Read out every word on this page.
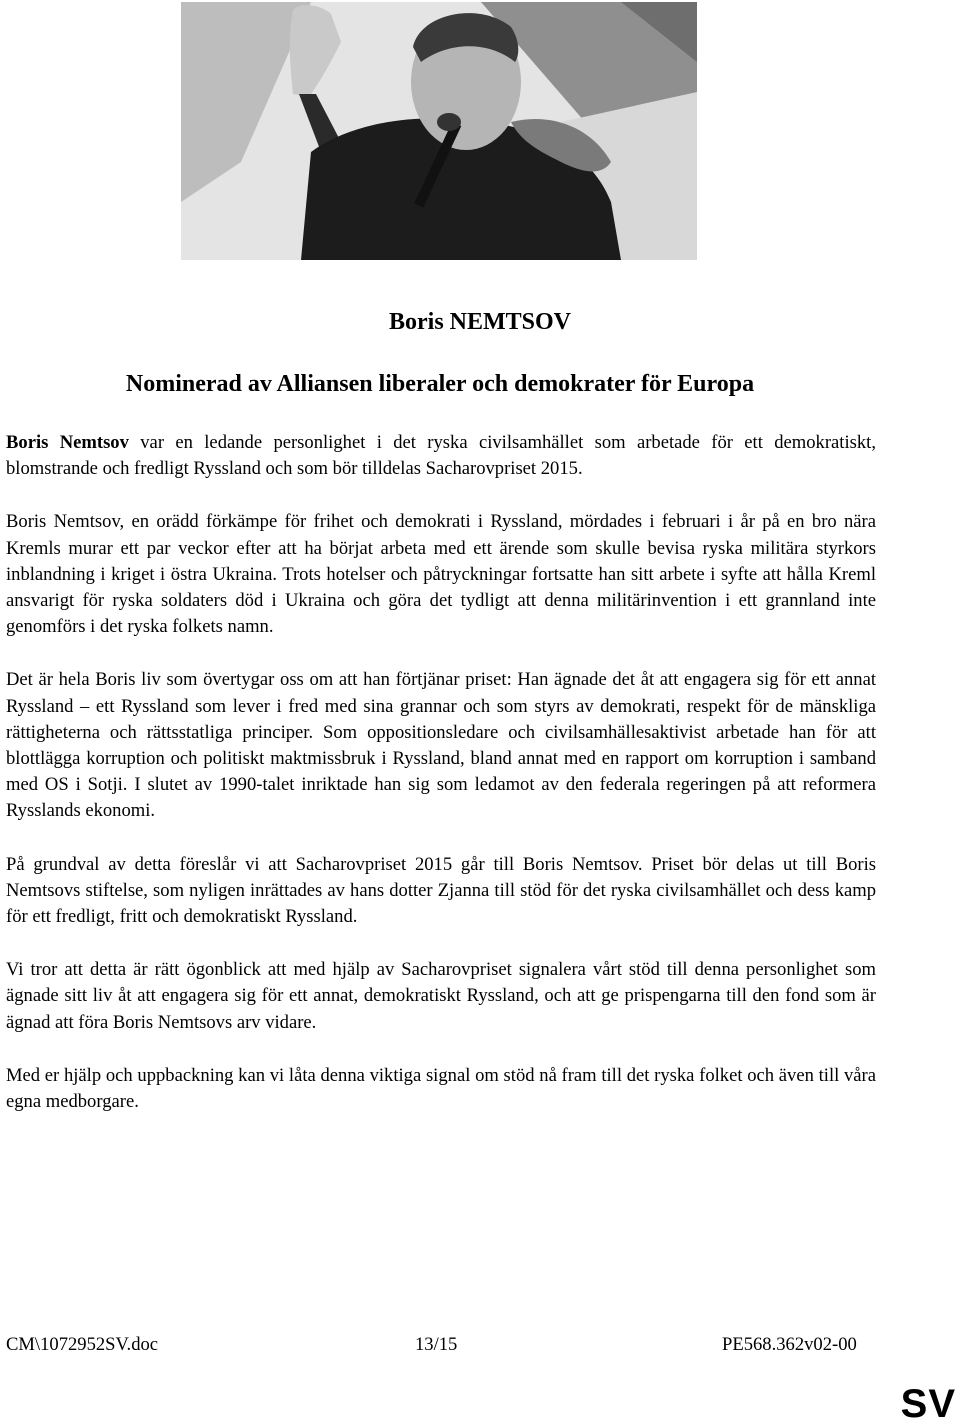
Boris NEMTSOV
Nominerad av Alliansen liberaler och demokrater för Europa

Boris Nemtsov var en ledande personlighet i det ryska civilsamhället som arbetade för ett demokratiskt, blomstrande och fredligt Ryssland och som bör tilldelas Sacharovpriset 2015.

Boris Nemtsov, en orädd förkämpe för frihet och demokrati i Ryssland, mördades i februari i år på en bro nära Kremls murar ett par veckor efter att ha börjat arbeta med ett ärende som skulle bevisa ryska militära styrkors inblandning i kriget i östra Ukraina. Trots hotelser och påtryckningar fortsatte han sitt arbete i syfte att hålla Kreml ansvarigt för ryska soldaters död i Ukraina och göra det tydligt att denna militärinvention i ett grannland inte genomförs i det ryska folkets namn.

Det är hela Boris liv som övertygar oss om att han förtjänar priset: Han ägnade det åt att engagera sig för ett annat Ryssland – ett Ryssland som lever i fred med sina grannar och som styrs av demokrati, respekt för de mänskliga rättigheterna och rättsstatliga principer. Som oppositionsledare och civilsamhällesaktivist arbetade han för att blottlägga korruption och politiskt maktmissbruk i Ryssland, bland annat med en rapport om korruption i samband med OS i Sotji. I slutet av 1990-talet inriktade han sig som ledamot av den federala regeringen på att reformera Rysslands ekonomi.

På grundval av detta föreslår vi att Sacharovpriset 2015 går till Boris Nemtsov. Priset bör delas ut till Boris Nemtsovs stiftelse, som nyligen inrättades av hans dotter Zjanna till stöd för det ryska civilsamhället och dess kamp för ett fredligt, fritt och demokratiskt Ryssland.

Vi tror att detta är rätt ögonblick att med hjälp av Sacharovpriset signalera vårt stöd till denna personlighet som ägnade sitt liv åt att engagera sig för ett annat, demokratiskt Ryssland, och att ge prispengarna till den fond som är ägnad att föra Boris Nemtsovs arv vidare.

Med er hjälp och uppbackning kan vi låta denna viktiga signal om stöd nå fram till det ryska folket och även till våra egna medborgare.

CM\1072952SV.doc	13/15	PE568.362v02-00
SV
